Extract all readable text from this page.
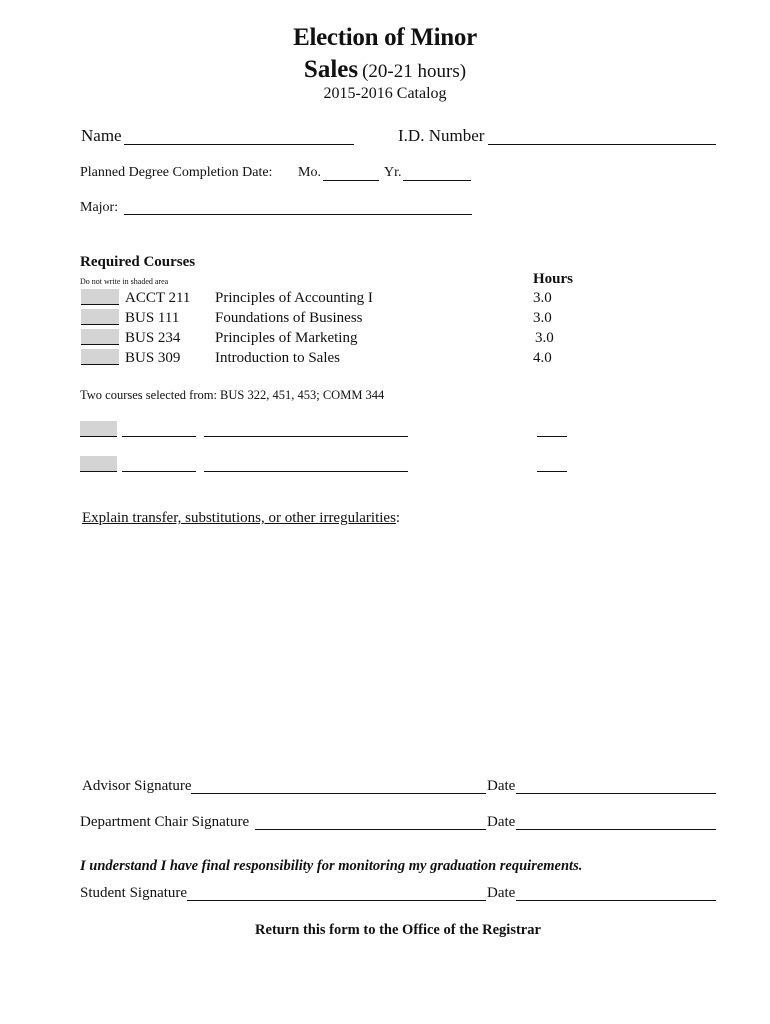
Election of Minor
Sales (20-21 hours)
2015-2016 Catalog
Name	I.D. Number
Planned Degree Completion Date: Mo.	Yr.
Major:
Required Courses
Do not write in shaded area	Hours
ACCT 211 Principles of Accounting I	3.0
BUS 111 Foundations of Business	3.0
BUS 234 Principles of Marketing	3.0
BUS 309 Introduction to Sales	4.0
Two courses selected from: BUS 322, 451, 453; COMM 344
Explain transfer, substitutions, or other irregularities:
Advisor Signature	Date
Department Chair Signature	Date
I understand I have final responsibility for monitoring my graduation requirements.
Student Signature	Date
Return this form to the Office of the Registrar
